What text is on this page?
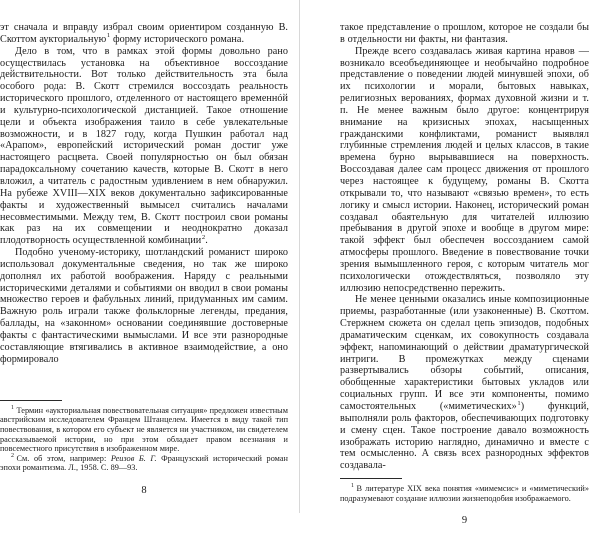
эт сначала и вправду избрал своим ориентиром созданную В. Скоттом аукториальную$^1$ форму исторического романа.

Дело в том, что в рамках этой формы довольно рано осуществилась установка на объективное воссоздание действительности. Вот только действительность эта была особого рода: В. Скотт стремился воссоздать реальность исторического прошлого, отделенного от настоящего временнóй и культурно-психологической дистанцией. Такое отношение цели и объекта изображения таило в себе увлекательные возможности, и в 1827 году, когда Пушкин работал над «Арапом», европейский исторический роман достиг уже настоящего расцвета. Своей популярностью он был обязан парадоксальному сочетанию качеств, которые В. Скотт в него вложил, а читатель с радостным удивлением в нем обнаружил. На рубеже XVIII—XIX веков документально зафиксированные факты и художественный вымысел считались началами несовместимыми. Между тем, В. Скотт построил свои романы как раз на их совмещении и неоднократно доказал плодотворность осуществленной комбинации$^2$.

Подобно ученому-историку, шотландский романист широко использовал документальные сведения, но так же широко дополнял их работой воображения. Наряду с реальными историческими деталями и событиями он вводил в свои романы множество героев и фабульных линий, придуманных им самим. Важную роль играли также фольклорные легенды, предания, баллады, на «законном» основании соединявшие достоверные факты с фантастическими вымыслами. И все эти разнородные составляющие втягивались в активное взаимодействие, а оно формировало

$^1$ Термин «аукториальная повествовательная ситуация» предложен известным австрийским исследователем Францем Штанцелем. Имеется в виду такой тип повествования, в котором его субъект не является ни участником, ни свидетелем рассказываемой истории, но при этом обладает правом всезнания и повсеместного присутствия в изображенном мире.

$^2$ См. об этом, например: Реизов Б. Г. Французский исторический роман эпохи романтизма. Л., 1958. С. 89—93.

8

такое представление о прошлом, которое не создали бы в отдельности ни факты, ни фантазия.

Прежде всего создавалась живая картина нравов — возникало всеобъединяющее и необычайно подробное представление о поведении людей минувшей эпохи, об их психологии и морали, бытовых навыках, религиозных верованиях, формах духовной жизни и т. п. Не менее важным было другое: концентрируя внимание на кризисных эпохах, насыщенных гражданскими конфликтами, романист выявлял глубинные стремления людей и целых классов, в такие времена бурно вырывавшиеся на поверхность. Воссоздавая далее сам процесс движения от прошлого через настоящее к будущему, романы В. Скотта открывали то, что называют «связью времен», то есть логику и смысл истории. Наконец, исторический роман создавал обаятельную для читателей иллюзию пребывания в другой эпохе и вообще в другом мире: такой эффект был обеспечен воссозданием самой атмосферы прошлого. Введение в повествование точки зрения вымышленного героя, с которым читатель мог психологически отождествляться, позволяло эту иллюзию непосредственно пережить.

Не менее ценными оказались иные композиционные приемы, разработанные (или узаконенные) В. Скоттом. Стержнем сюжета он сделал цепь эпизодов, подобных драматическим сценкам, их совокупность создавала эффект, напоминающий о действии драматургической интриги. В промежутках между сценами развертывались обзоры событий, описания, обобщенные характеристики бытовых укладов или социальных групп. И все эти компоненты, помимо самостоятельных («миметических»$^1$) функций, выполняли роль факторов, обеспечивающих подготовку и смену сцен. Такое построение давало возможность изображать историю наглядно, динамично и вместе с тем осмысленно. А связь всех разнородных эффектов создавала-

$^1$ В литературе XIX века понятия «мимемсис» и «миметический» подразумевают создание иллюзии жизнеподобия изображаемого.

9
